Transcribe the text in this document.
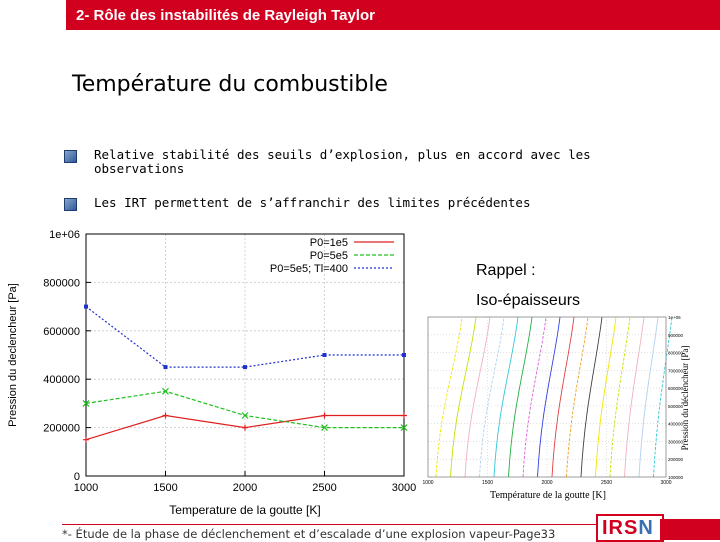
2- Rôle des instabilités de Rayleigh Taylor
Température du combustible
Relative stabilité des seuils d’explosion, plus en accord avec les observations
Les IRT permettent de s’affranchir des limites précédentes
0
200000
400000
600000
800000
1e+06
1000	1500	2000	2500	3000
P0=1e5
P0=5e5
P0=5e5; Tl=400
Temperature de la goutte [K]
Pression du declencheur [Pa]
Rappel :
Iso-épaisseurs
1e+06
900000
800000
700000
600000
500000
400000
300000
200000
100000
1000	1500	2000	2500	3000
Température de la goutte [K]
Pression du déclencheur [Pa]
*- Étude de la phase de déclenchement et d’escalade d’une explosion vapeur-Page33 IRSN
